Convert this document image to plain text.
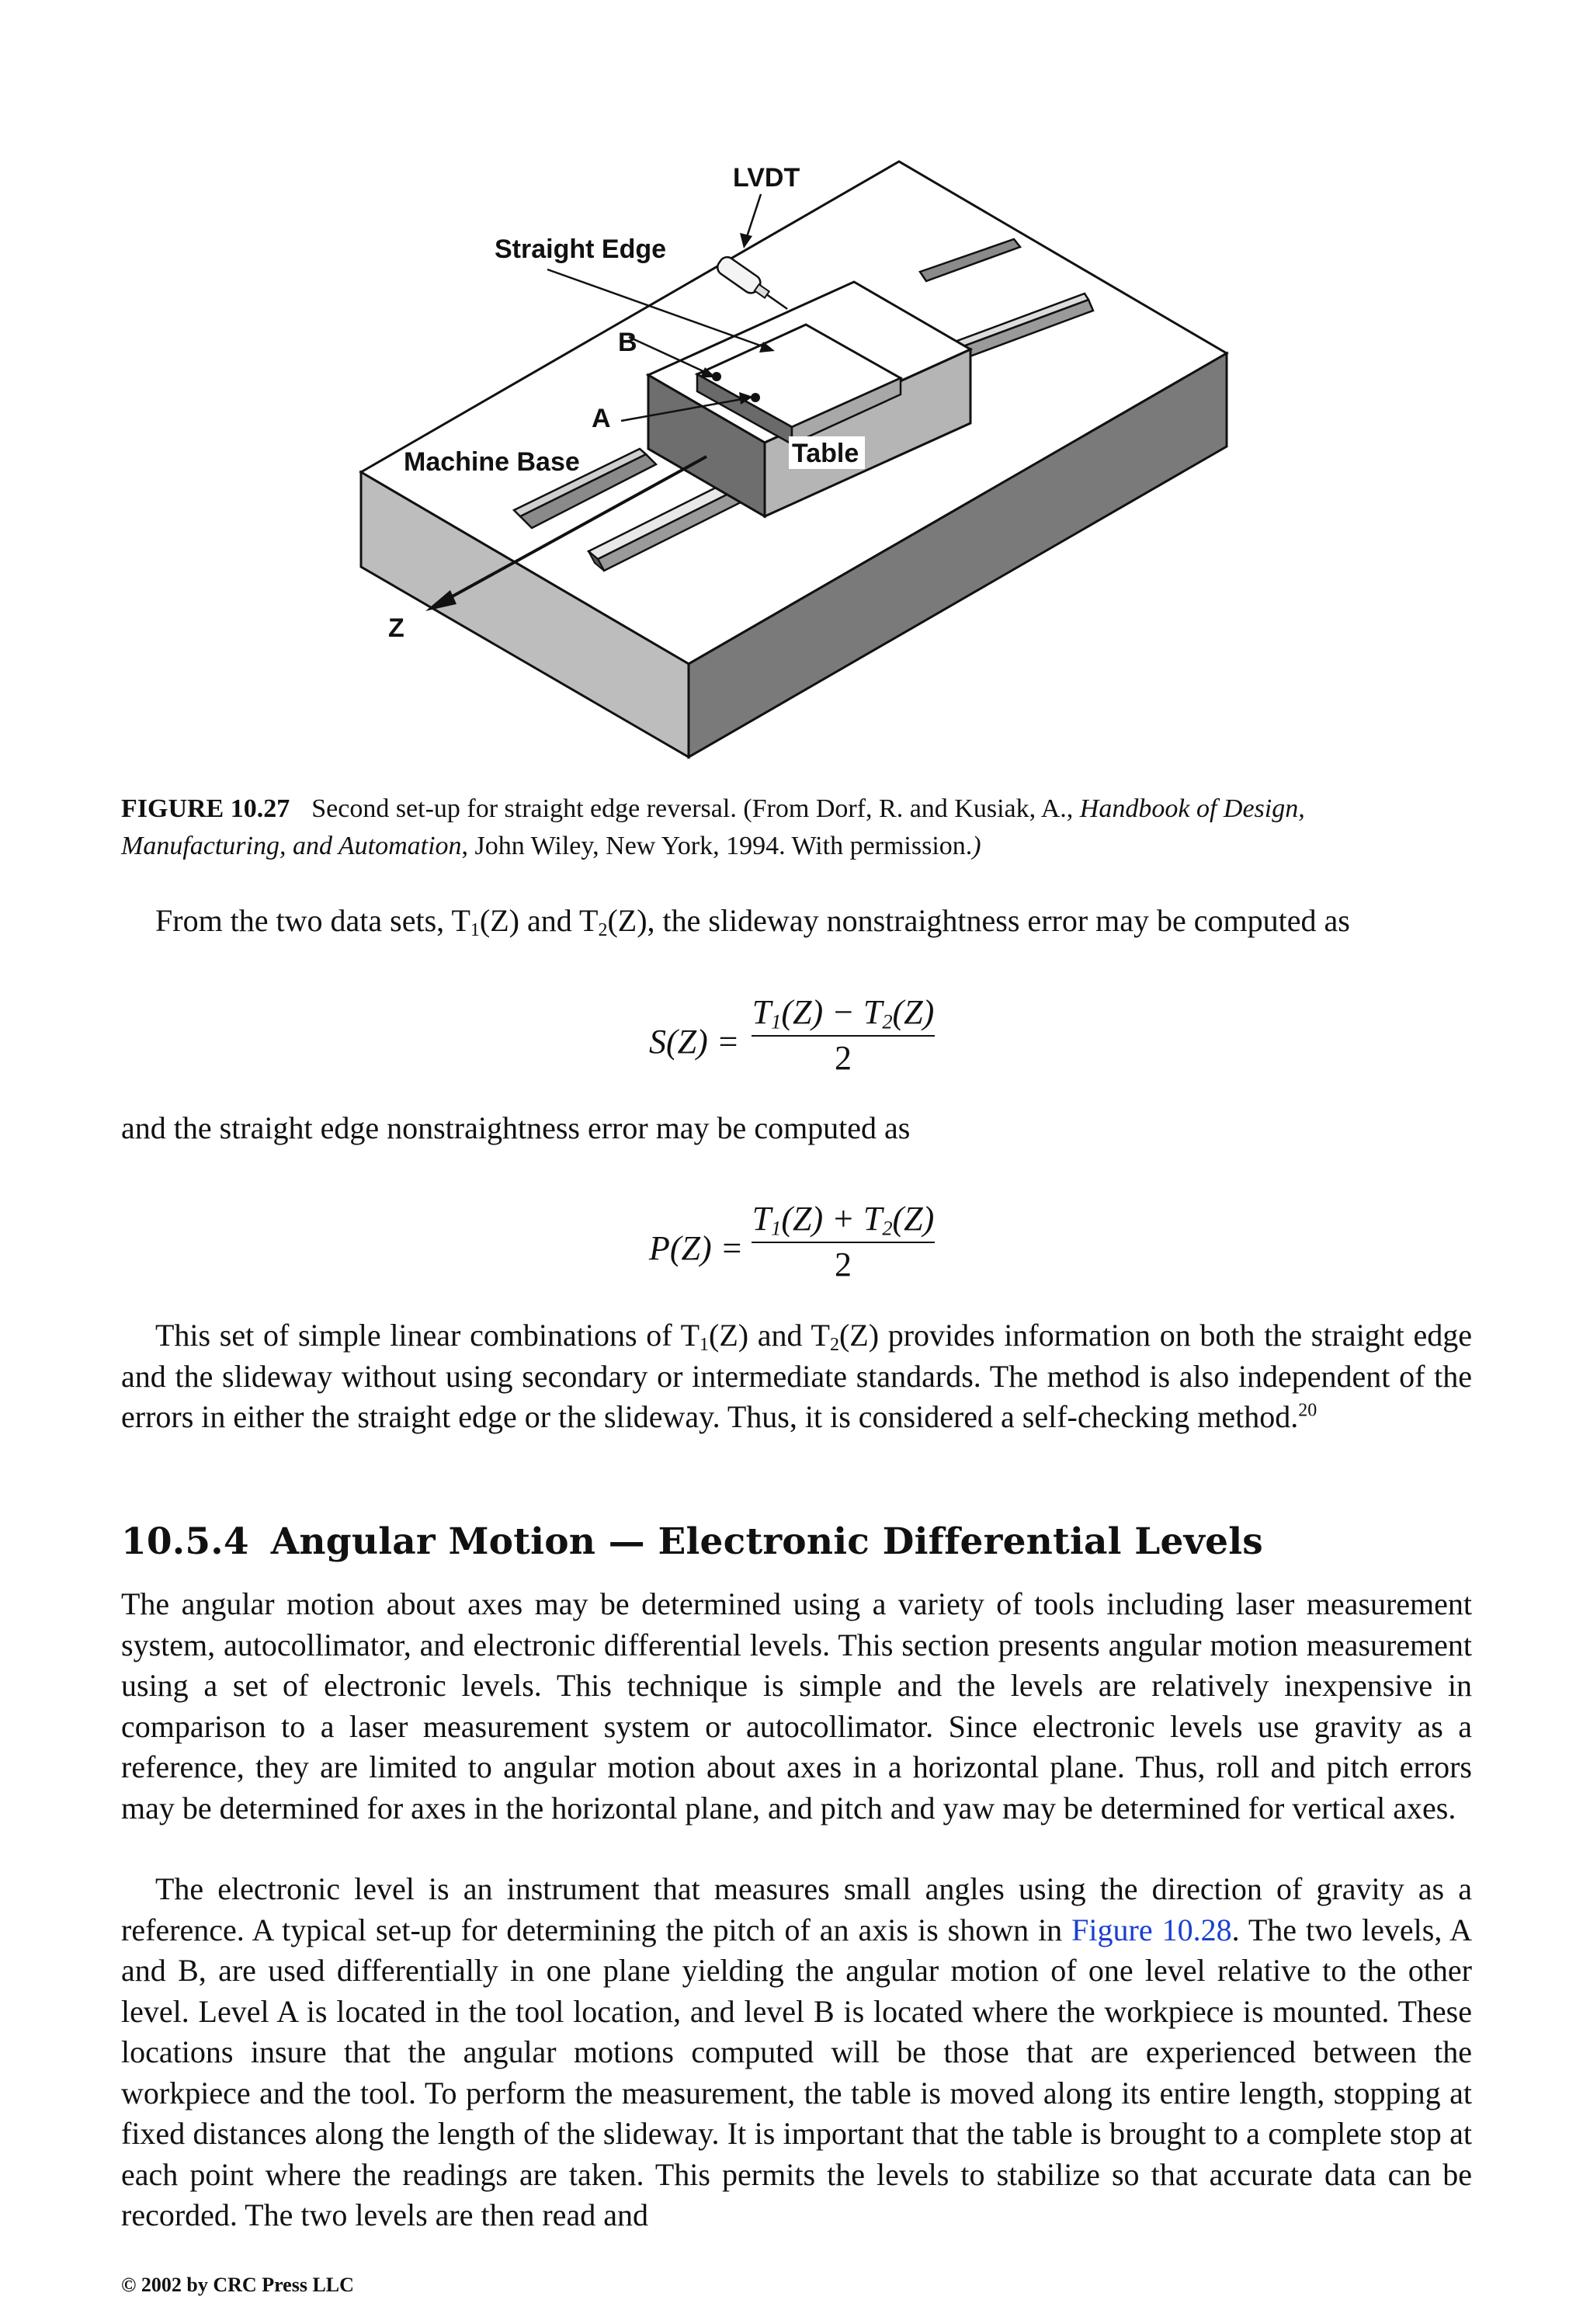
LVDT
Straight Edge
B
A
Machine Base	Table
Z
FIGURE 10.27 Second set-up for straight edge reversal. (From Dorf, R. and Kusiak, A., Handbook of Design, Manufacturing, and Automation, John Wiley, New York, 1994. With permission.)
From the two data sets, $T_1(Z)$ and $T_2(Z)$, the slideway nonstraightness error may be computed as
$S(Z) = \frac{T_1(Z) - T_2(Z)}{2}$
and the straight edge nonstraightness error may be computed as
$P(Z) = \frac{T_1(Z) + T_2(Z)}{2}$
This set of simple linear combinations of $T_1(Z)$ and $T_2(Z)$ provides information on both the straight edge and the slideway without using secondary or intermediate standards. The method is also independent of the errors in either the straight edge or the slideway. Thus, it is considered a self-checking method.$^{20}$
10.5.4 Angular Motion — Electronic Differential Levels
The angular motion about axes may be determined using a variety of tools including laser measurement system, autocollimator, and electronic differential levels. This section presents angular motion measurement using a set of electronic levels. This technique is simple and the levels are relatively inexpensive in comparison to a laser measurement system or autocollimator. Since electronic levels use gravity as a reference, they are limited to angular motion about axes in a horizontal plane. Thus, roll and pitch errors may be determined for axes in the horizontal plane, and pitch and yaw may be determined for vertical axes.
The electronic level is an instrument that measures small angles using the direction of gravity as a reference. A typical set-up for determining the pitch of an axis is shown in Figure 10.28. The two levels, A and B, are used differentially in one plane yielding the angular motion of one level relative to the other level. Level A is located in the tool location, and level B is located where the workpiece is mounted. These locations insure that the angular motions computed will be those that are experienced between the workpiece and the tool. To perform the measurement, the table is moved along its entire length, stopping at fixed distances along the length of the slideway. It is important that the table is brought to a complete stop at each point where the readings are taken. This permits the levels to stabilize so that accurate data can be recorded. The two levels are then read and
© 2002 by CRC Press LLC
